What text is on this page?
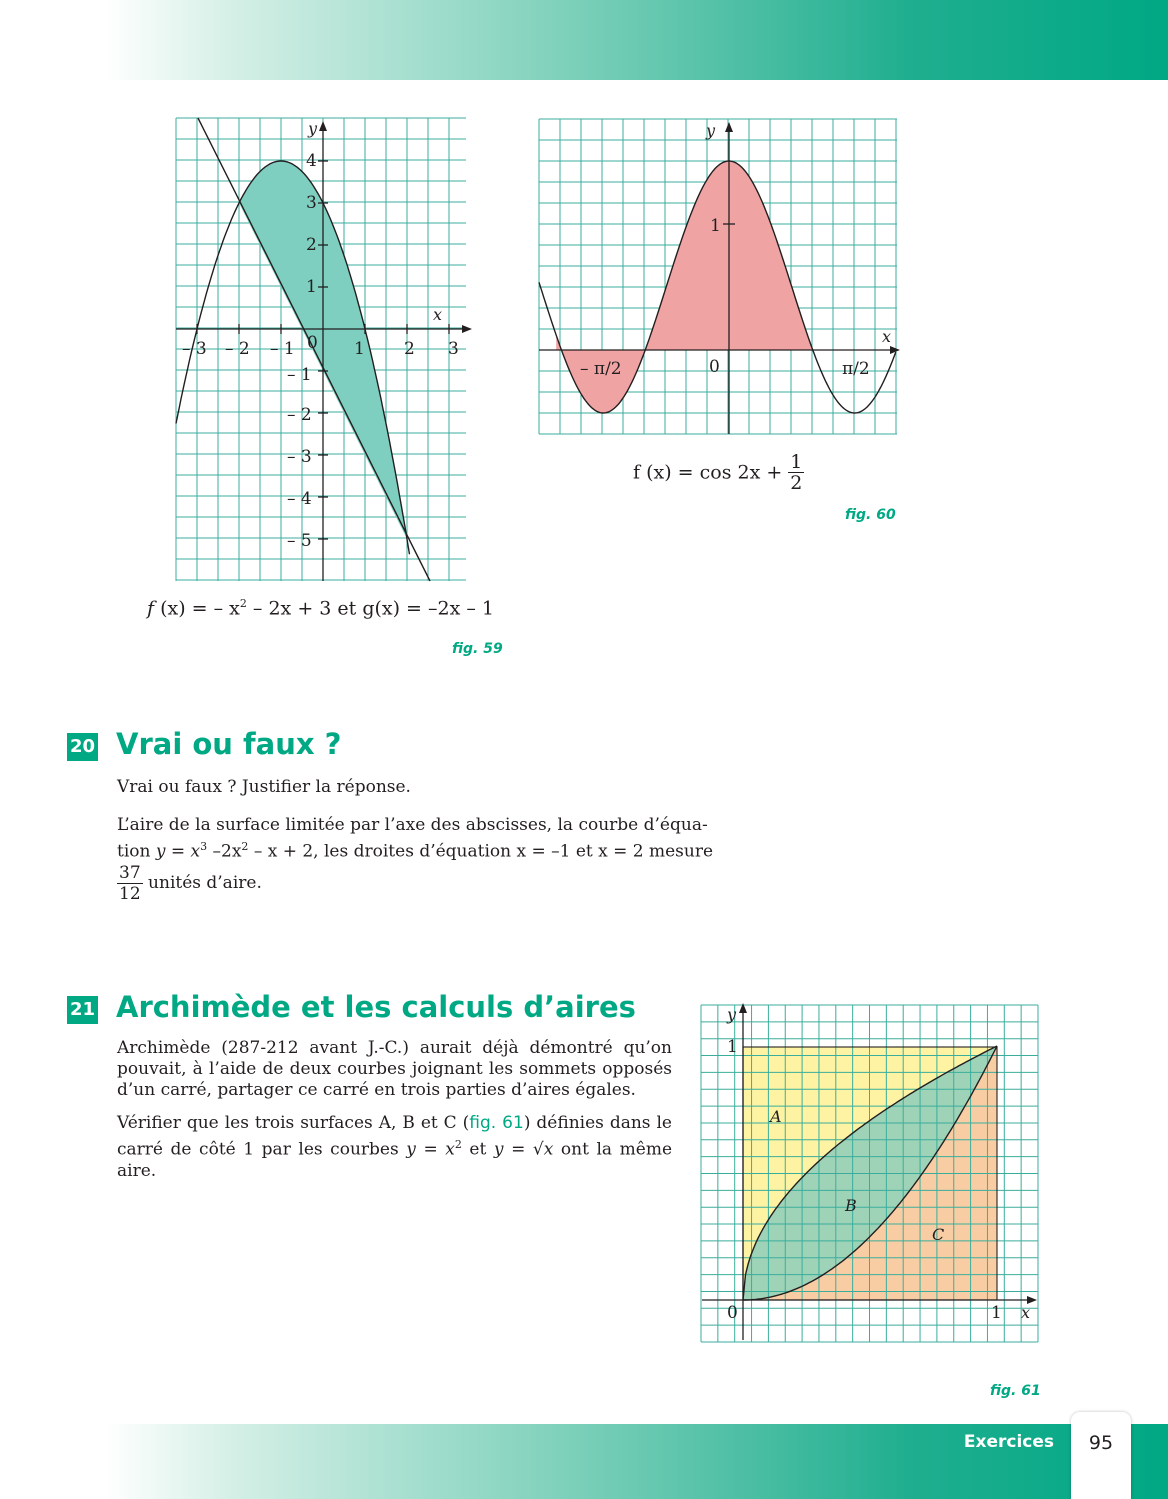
x
y
0
– 3 – 2 – 1	1 2 3
4
3
2
1
– 1
– 2
– 3
– 4
– 5
f (x) = – $x^2 - 2x + 3$ et g(x) = –2x – 1
fig. 59
x
y
– π/2	0	π/2
1
f $(x) = \cos 2x + \frac{1}{2}$
fig. 60
20 Vrai ou faux ?

Vrai ou faux ? Justifier la réponse.

L’aire de la surface limitée par l’axe des abscisses, la courbe d’équa-

tion $y = x^3$ $-2x^2 - x + 2$, les droites d’équation x = –1 et x = 2 mesure

$\frac{37}{12}$ unités d’aire.

21 Archimède et les calculs d’aires

Archimède (287-212 avant J.-C.) aurait déjà démontré qu’on pouvait, à l’aide de deux courbes joignant les sommets opposés d’un carré, partager ce carré en trois parties d’aires égales.

Vérifier que les trois surfaces A, B et C (fig. 61) définies dans le carré de côté 1 par les courbes $y = x^2$ et y = √x ont la même aire.

x
y
0	1
1
A
B
C
fig. 61
Exercices	95
